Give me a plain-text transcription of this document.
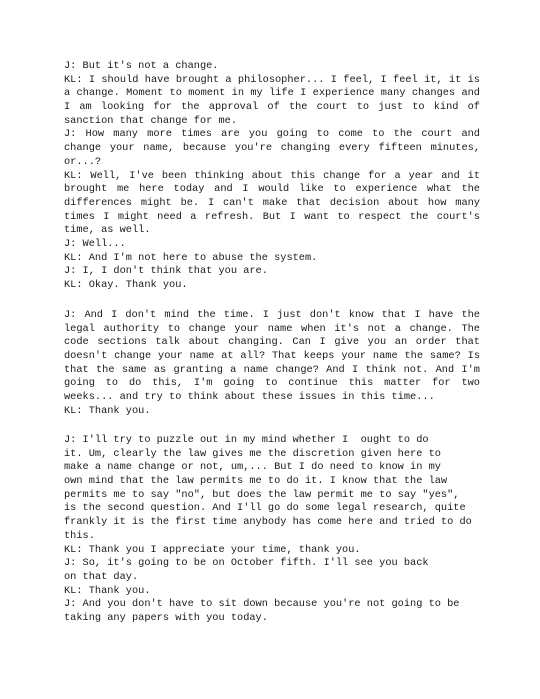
J: But it's not a change.
KL: I should have brought a philosopher... I feel, I feel it, it is
a change. Moment to moment in my life I experience many changes and
I am looking for the approval of the court to just to kind of
sanction that change for me.
J: How many more times are you going to come to the court and
change your name, because you're changing every fifteen minutes,
or...?
KL: Well, I've been thinking about this change for a year and it
brought me here today and I would like to experience what the
differences might be. I can't make that decision about how many
times I might need a refresh. But I want to respect the court's
time, as well.
J: Well...
KL: And I'm not here to abuse the system.
J: I, I don't think that you are.
KL: Okay. Thank you.
J: And I don't mind the time. I just don't know that I have the
legal authority to change your name when it's not a change. The
code sections talk about changing. Can I give you an order that
doesn't change your name at all? That keeps your name the same? Is
that the same as granting a name change? And I think not. And I'm
going to do this, I'm going to continue this matter for two
weeks... and try to think about these issues in this time...
KL: Thank you.
J: I'll try to puzzle out in my mind whether I  ought to do
it. Um, clearly the law gives me the discretion given here to
make a name change or not, um,... But I do need to know in my
own mind that the law permits me to do it. I know that the law
permits me to say "no", but does the law permit me to say "yes",
is the second question. And I'll go do some legal research, quite
frankly it is the first time anybody has come here and tried to do
this.
KL: Thank you I appreciate your time, thank you.
J: So, it's going to be on October fifth. I'll see you back
on that day.
KL: Thank you.
J: And you don't have to sit down because you're not going to be
taking any papers with you today.
